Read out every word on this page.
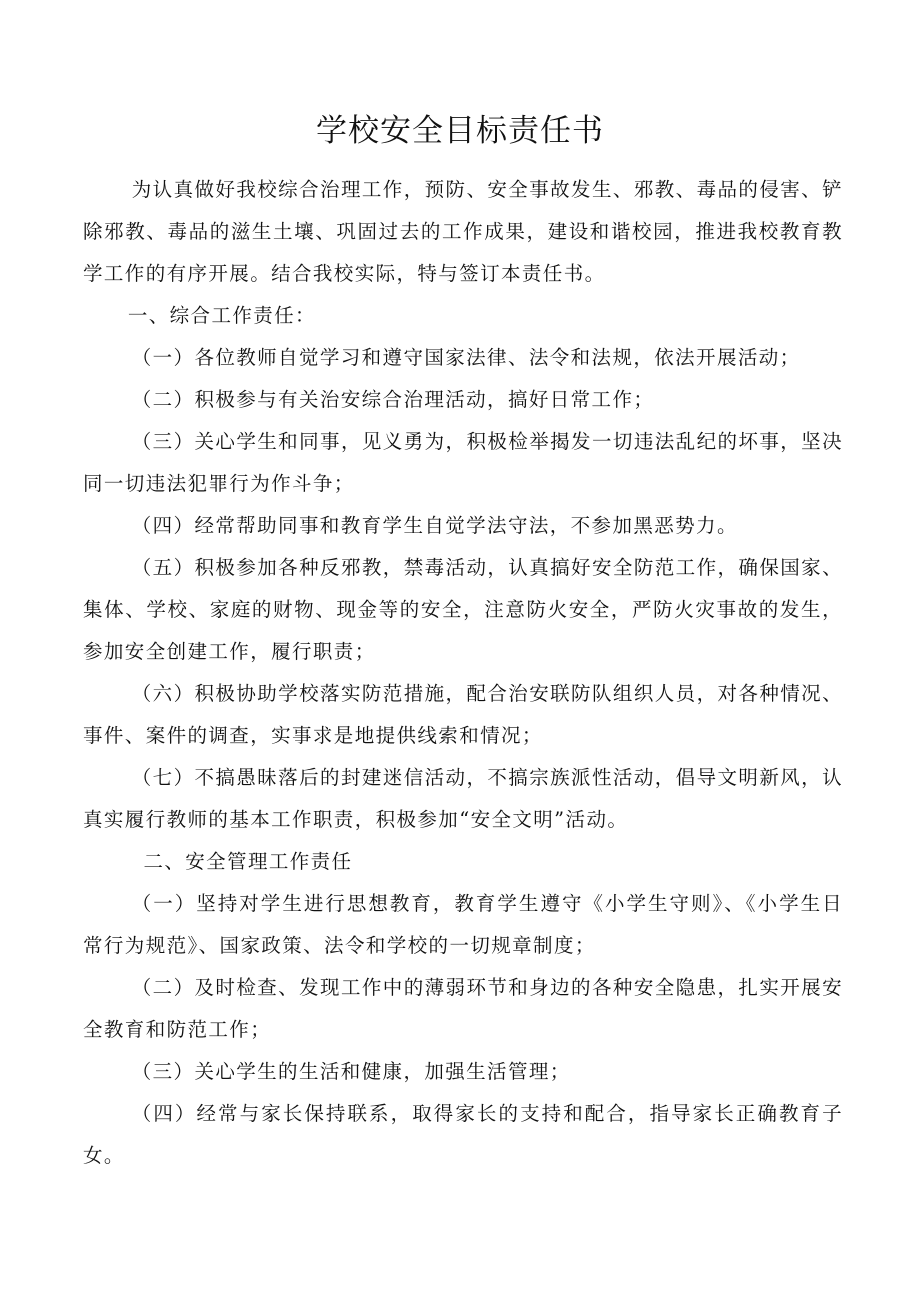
学校安全目标责任书

为认真做好我校综合治理工作，预防、安全事故发生、邪教、毒品的侵害、铲除邪教、毒品的滋生土壤、巩固过去的工作成果，建设和谐校园，推进我校教育教学工作的有序开展。结合我校实际，特与签订本责任书。

一、综合工作责任：

（一）各位教师自觉学习和遵守国家法律、法令和法规，依法开展活动；

（二）积极参与有关治安综合治理活动，搞好日常工作；

（三）关心学生和同事，见义勇为，积极检举揭发一切违法乱纪的坏事，坚决同一切违法犯罪行为作斗争；

（四）经常帮助同事和教育学生自觉学法守法，不参加黑恶势力。

（五）积极参加各种反邪教，禁毒活动，认真搞好安全防范工作，确保国家、集体、学校、家庭的财物、现金等的安全，注意防火安全，严防火灾事故的发生，参加安全创建工作，履行职责；

（六）积极协助学校落实防范措施，配合治安联防队组织人员，对各种情况、事件、案件的调查，实事求是地提供线索和情况；

（七）不搞愚昧落后的封建迷信活动，不搞宗族派性活动，倡导文明新风，认真实履行教师的基本工作职责，积极参加“安全文明”活动。

二、安全管理工作责任

（一）坚持对学生进行思想教育，教育学生遵守《小学生守则》、《小学生日常行为规范》、国家政策、法令和学校的一切规章制度；

（二）及时检查、发现工作中的薄弱环节和身边的各种安全隐患，扎实开展安全教育和防范工作；

（三）关心学生的生活和健康，加强生活管理；

（四）经常与家长保持联系，取得家长的支持和配合，指导家长正确教育子女。
